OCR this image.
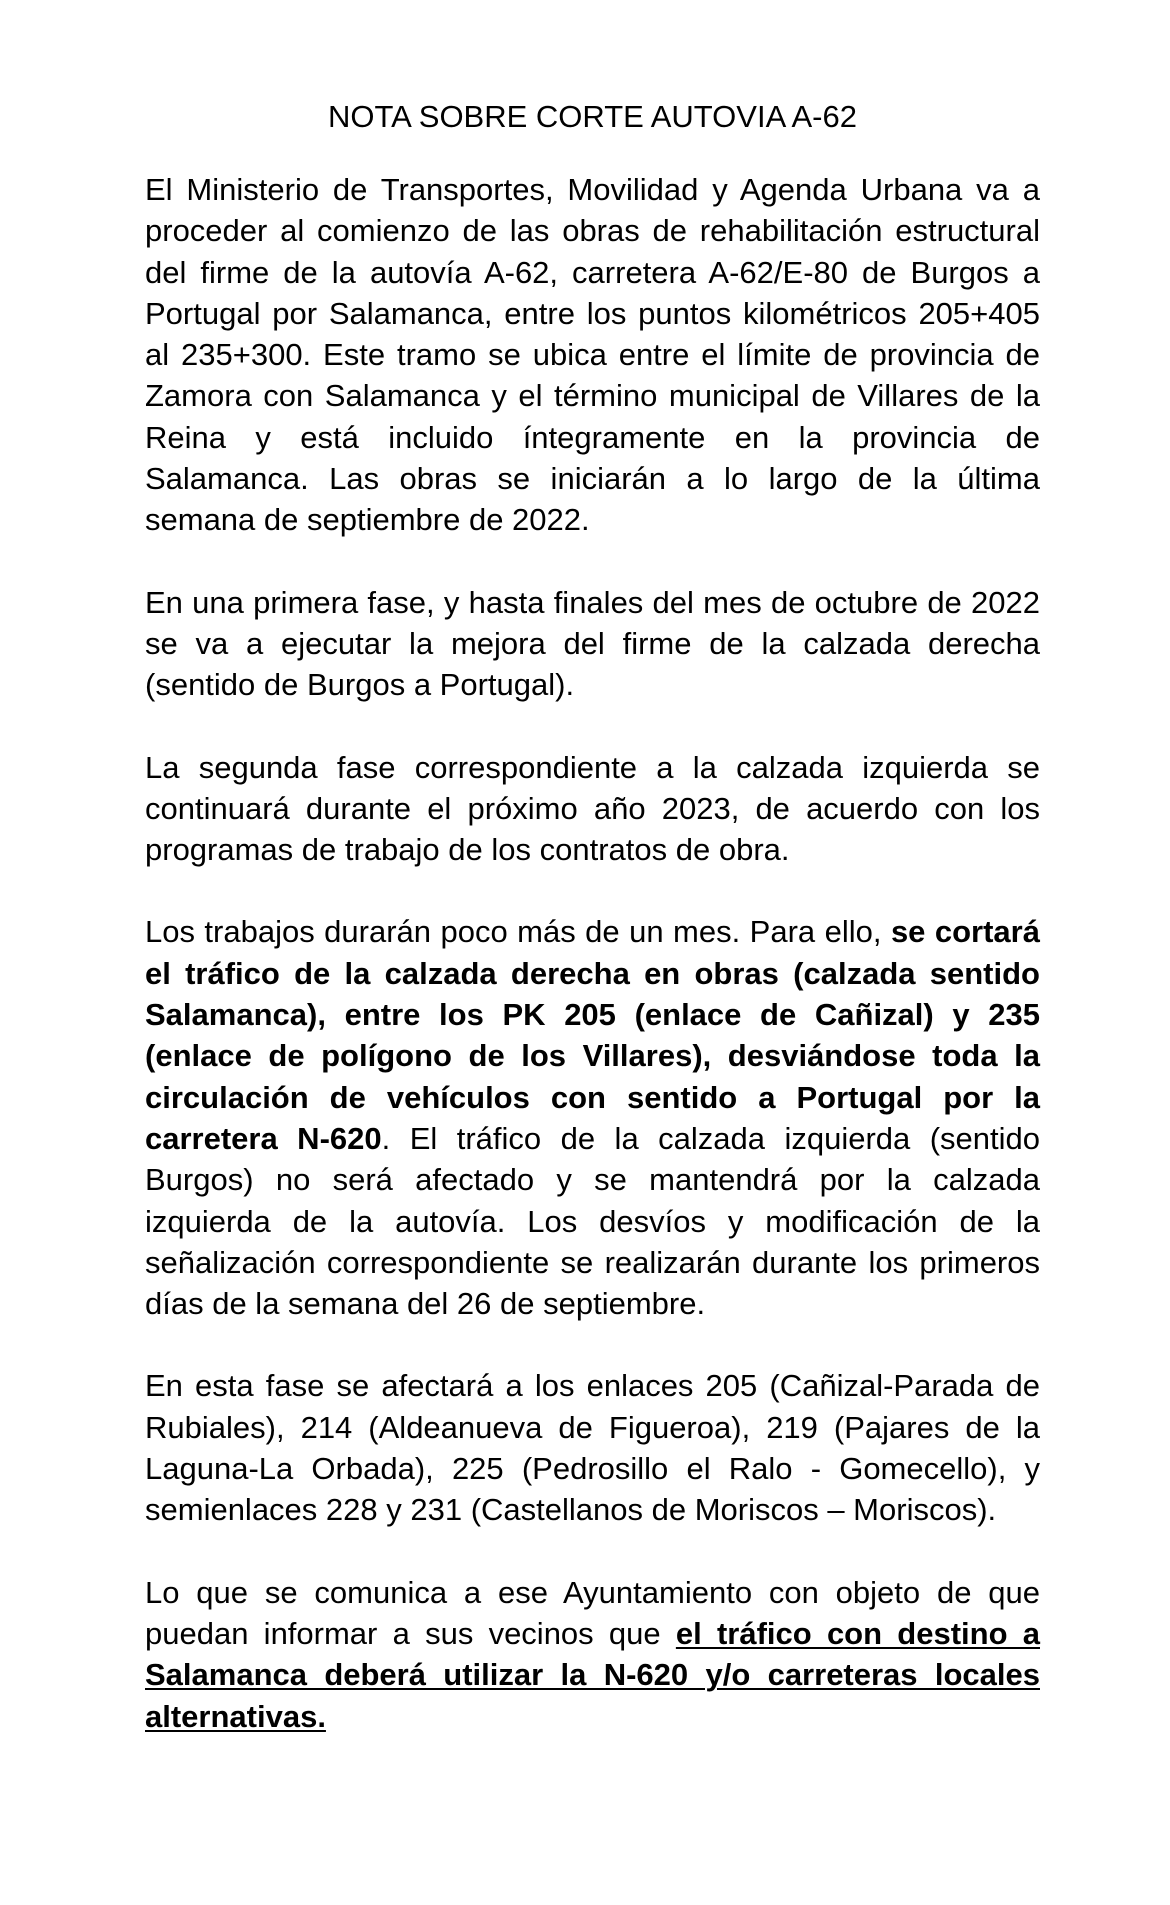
NOTA SOBRE CORTE AUTOVIA A-62

El Ministerio de Transportes, Movilidad y Agenda Urbana va a proceder al comienzo de las obras de rehabilitación estructural del firme de la autovía A-62, carretera A-62/E-80 de Burgos a Portugal por Salamanca, entre los puntos kilométricos 205+405 al 235+300. Este tramo se ubica entre el límite de provincia de Zamora con Salamanca y el término municipal de Villares de la Reina y está incluido íntegramente en la provincia de Salamanca. Las obras se iniciarán a lo largo de la última semana de septiembre de 2022.

En una primera fase, y hasta finales del mes de octubre de 2022 se va a ejecutar la mejora del firme de la calzada derecha (sentido de Burgos a Portugal).

La segunda fase correspondiente a la calzada izquierda se continuará durante el próximo año 2023, de acuerdo con los programas de trabajo de los contratos de obra.

Los trabajos durarán poco más de un mes. Para ello, se cortará el tráfico de la calzada derecha en obras (calzada sentido Salamanca), entre los PK 205 (enlace de Cañizal) y 235 (enlace de polígono de los Villares), desviándose toda la circulación de vehículos con sentido a Portugal por la carretera N-620. El tráfico de la calzada izquierda (sentido Burgos) no será afectado y se mantendrá por la calzada izquierda de la autovía. Los desvíos y modificación de la señalización correspondiente se realizarán durante los primeros días de la semana del 26 de septiembre.

En esta fase se afectará a los enlaces 205 (Cañizal-Parada de Rubiales), 214 (Aldeanueva de Figueroa), 219 (Pajares de la Laguna-La Orbada), 225 (Pedrosillo el Ralo - Gomecello), y semienlaces 228 y 231 (Castellanos de Moriscos – Moriscos).

Lo que se comunica a ese Ayuntamiento con objeto de que puedan informar a sus vecinos que el tráfico con destino a Salamanca deberá utilizar la N-620 y/o carreteras locales alternativas.
